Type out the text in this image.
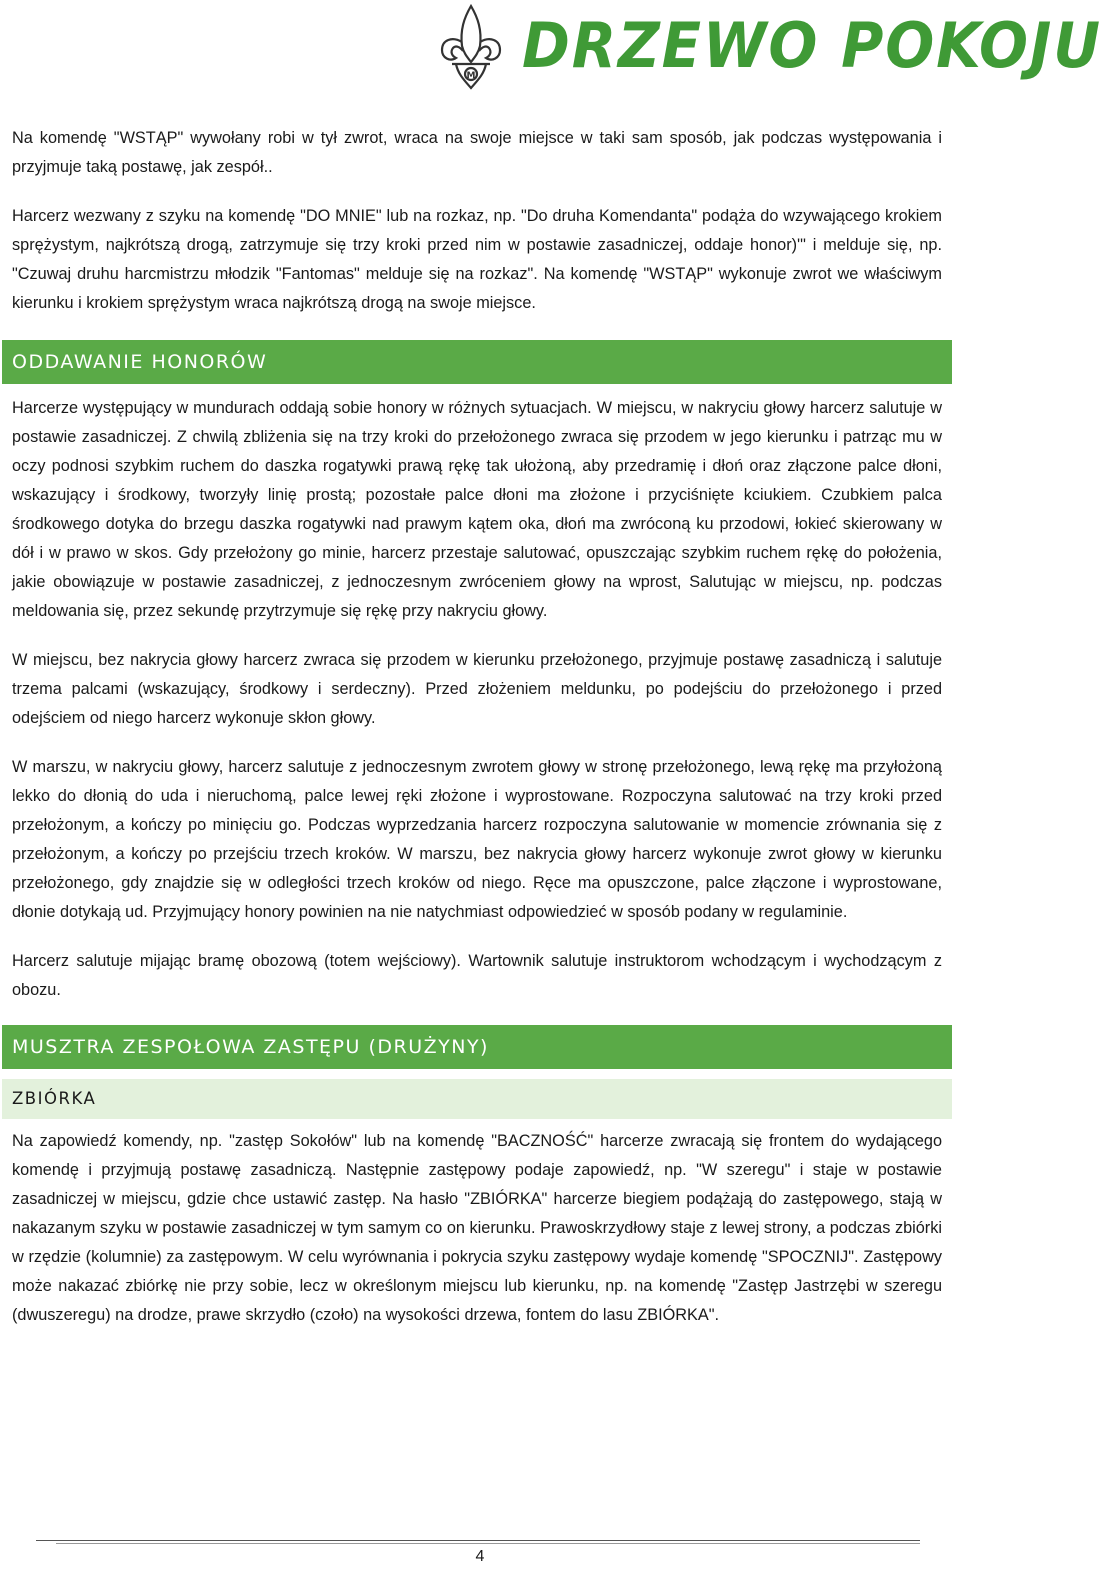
M DRZEWO POKOJU

Na komendę "WSTĄP" wywołany robi w tył zwrot, wraca na swoje miejsce w taki sam sposób, jak podczas występowania i przyjmuje taką postawę, jak zespół..

Harcerz wezwany z szyku na komendę "DO MNIE" lub na rozkaz, np. "Do druha Komendanta" podąża do wzywającego krokiem sprężystym, najkrótszą drogą, zatrzymuje się trzy kroki przed nim w postawie zasadniczej, oddaje honor)'" i melduje się, np. "Czuwaj druhu harcmistrzu młodzik "Fantomas" melduje się na rozkaz". Na komendę "WSTĄP" wykonuje zwrot we właściwym kierunku i krokiem sprężystym wraca najkrótszą drogą na swoje miejsce.

ODDAWANIE HONORÓW

Harcerze występujący w mundurach oddają sobie honory w różnych sytuacjach. W miejscu, w nakryciu głowy harcerz salutuje w postawie zasadniczej. Z chwilą zbliżenia się na trzy kroki do przełożonego zwraca się przodem w jego kierunku i patrząc mu w oczy podnosi szybkim ruchem do daszka rogatywki prawą rękę tak ułożoną, aby przedramię i dłoń oraz złączone palce dłoni, wskazujący i środkowy, tworzyły linię prostą; pozostałe palce dłoni ma złożone i przyciśnięte kciukiem. Czubkiem palca środkowego dotyka do brzegu daszka rogatywki nad prawym kątem oka, dłoń ma zwróconą ku przodowi, łokieć skierowany w dół i w prawo w skos. Gdy przełożony go minie, harcerz przestaje salutować, opuszczając szybkim ruchem rękę do położenia, jakie obowiązuje w postawie zasadniczej, z jednoczesnym zwróceniem głowy na wprost, Salutując w miejscu, np. podczas meldowania się, przez sekundę przytrzymuje się rękę przy nakryciu głowy.

W miejscu, bez nakrycia głowy harcerz zwraca się przodem w kierunku przełożonego, przyjmuje postawę zasadniczą i salutuje trzema palcami (wskazujący, środkowy i serdeczny). Przed złożeniem meldunku, po podejściu do przełożonego i przed odejściem od niego harcerz wykonuje skłon głowy.

W marszu, w nakryciu głowy, harcerz salutuje z jednoczesnym zwrotem głowy w stronę przełożonego, lewą rękę ma przyłożoną lekko do dłonią do uda i nieruchomą, palce lewej ręki złożone i wyprostowane. Rozpoczyna salutować na trzy kroki przed przełożonym, a kończy po minięciu go. Podczas wyprzedzania harcerz rozpoczyna salutowanie w momencie zrównania się z przełożonym, a kończy po przejściu trzech kroków. W marszu, bez nakrycia głowy harcerz wykonuje zwrot głowy w kierunku przełożonego, gdy znajdzie się w odległości trzech kroków od niego. Ręce ma opuszczone, palce złączone i wyprostowane, dłonie dotykają ud. Przyjmujący honory powinien na nie natychmiast odpowiedzieć w sposób podany w regulaminie.

Harcerz salutuje mijając bramę obozową (totem wejściowy). Wartownik salutuje instruktorom wchodzącym i wychodzącym z obozu.

MUSZTRA ZESPOŁOWA ZASTĘPU (DRUŻYNY)
ZBIÓRKA

Na zapowiedź komendy, np. "zastęp Sokołów" lub na komendę "BACZNOŚĆ" harcerze zwracają się frontem do wydającego komendę i przyjmują postawę zasadniczą. Następnie zastępowy podaje zapowiedź, np. "W szeregu" i staje w postawie zasadniczej w miejscu, gdzie chce ustawić zastęp. Na hasło "ZBIÓRKA" harcerze biegiem podążają do zastępowego, stają w nakazanym szyku w postawie zasadniczej w tym samym co on kierunku. Prawoskrzydłowy staje z lewej strony, a podczas zbiórki w rzędzie (kolumnie) za zastępowym. W celu wyrównania i pokrycia szyku zastępowy wydaje komendę "SPOCZNIJ". Zastępowy może nakazać zbiórkę nie przy sobie, lecz w określonym miejscu lub kierunku, np. na komendę "Zastęp Jastrzębi w szeregu (dwuszeregu) na drodze, prawe skrzydło (czoło) na wysokości drzewa, fontem do lasu ZBIÓRKA".

4
